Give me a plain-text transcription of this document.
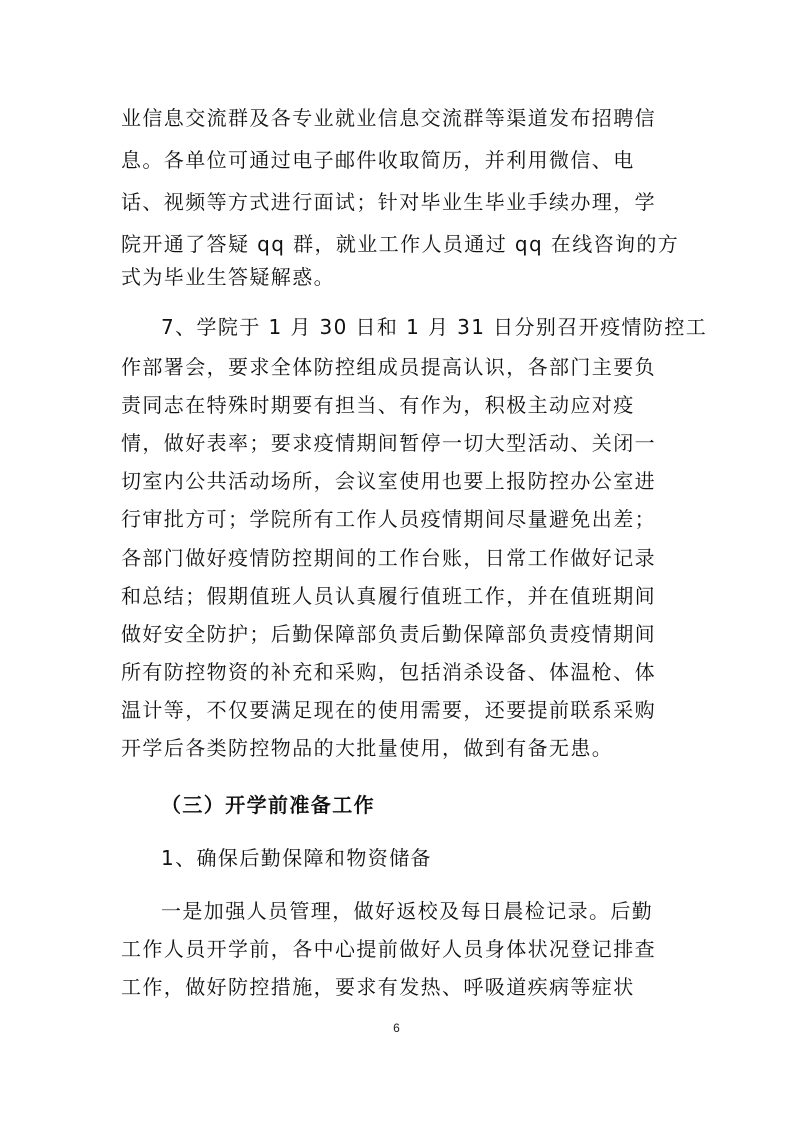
业信息交流群及各专业就业信息交流群等渠道发布招聘信
息。各单位可通过电子邮件收取简历，并利用微信、电
话、视频等方式进行面试；针对毕业生毕业手续办理，学
院开通了答疑 qq 群，就业工作人员通过 qq 在线咨询的方
式为毕业生答疑解惑。
7、学院于 1 月 30 日和 1 月 31 日分别召开疫情防控工
作部署会，要求全体防控组成员提高认识，各部门主要负
责同志在特殊时期要有担当、有作为，积极主动应对疫
情，做好表率；要求疫情期间暂停一切大型活动、关闭一
切室内公共活动场所，会议室使用也要上报防控办公室进
行审批方可；学院所有工作人员疫情期间尽量避免出差；
各部门做好疫情防控期间的工作台账，日常工作做好记录
和总结；假期值班人员认真履行值班工作，并在值班期间
做好安全防护；后勤保障部负责后勤保障部负责疫情期间
所有防控物资的补充和采购，包括消杀设备、体温枪、体
温计等，不仅要满足现在的使用需要，还要提前联系采购
开学后各类防控物品的大批量使用，做到有备无患。
（三）开学前准备工作
1、确保后勤保障和物资储备
一是加强人员管理，做好返校及每日晨检记录。后勤
工作人员开学前，各中心提前做好人员身体状况登记排查
工作，做好防控措施，要求有发热、呼吸道疾病等症状
6
